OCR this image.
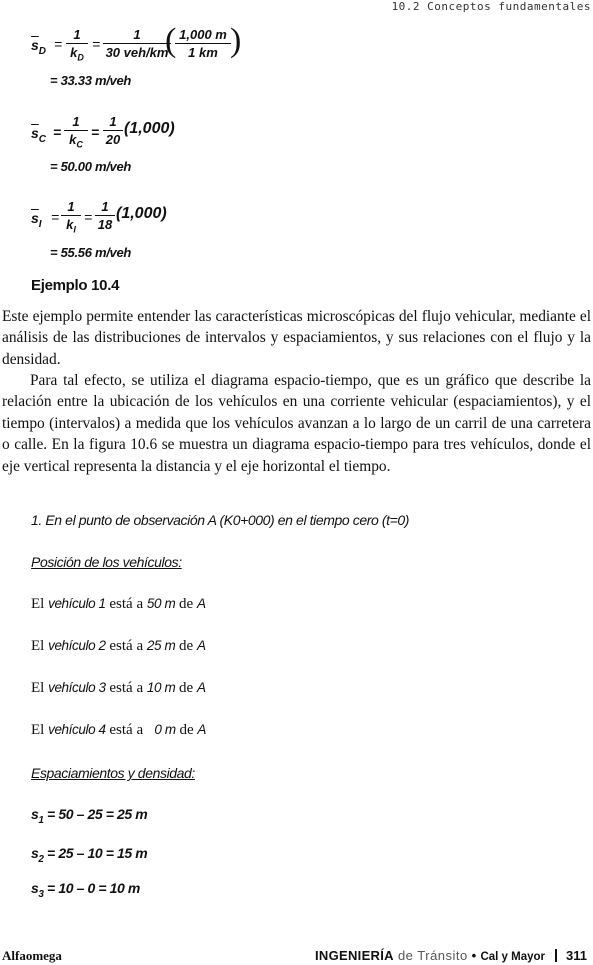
10.2 Conceptos fundamentales
$\overline{s}_D = \frac{1}{k_D}$ =
1
30 veh/km
(
$\frac{1,000 m}{1 km}$ )
= 33.33 m/veh
$\overline{s}_C = \frac{1}{k_C} = \frac{1}{20} (1,000)$
= 50.00 m/veh
$\overline{s}_I = \frac{1}{k_I} = \frac{1}{18} (1,000)$
= 55.56 m/veh
Ejemplo 10.4

Este ejemplo permite entender las características microscópicas del flujo vehicular, mediante el análisis de las distribuciones de intervalos y espaciamientos, y sus relaciones con el flujo y la densidad.

Para tal efecto, se utiliza el diagrama espacio-tiempo, que es un gráfico que describe la relación entre la ubicación de los vehículos en una corriente vehicular (espaciamientos), y el tiempo (intervalos) a medida que los vehículos avanzan a lo largo de un carril de una carretera o calle. En la figura 10.6 se muestra un diagrama espacio-tiempo para tres vehículos, donde el eje vertical representa la distancia y el eje horizontal el tiempo.

1. En el punto de observación A (K0+000) en el tiempo cero (t=0)
Posición de los vehículos:
El vehículo 1 está a 50 m de A
El vehículo 2 está a 25 m de A
El vehículo 3 está a 10 m de A
El vehículo 4 está a   0 m de A
Espaciamientos y densidad:
$s_1 = 50 - 25 = 25$ m
$s_2 = 25 - 10 = 15$ m
$s_3 = 10 - 0 = 10$ m
Alfaomega	INGENIERÍA de Tránsito • Cal y Mayor 311
